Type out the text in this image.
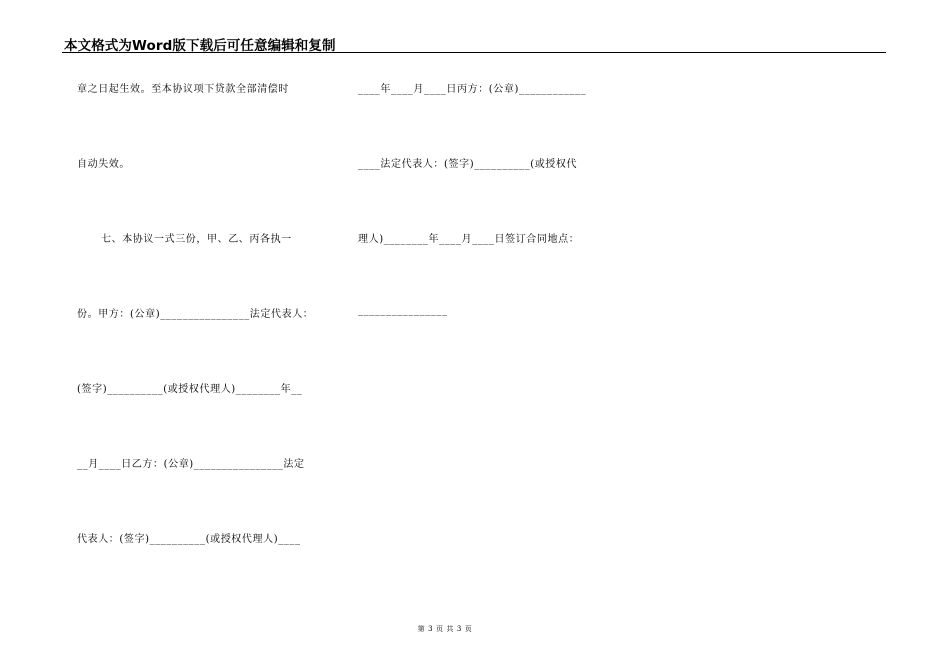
本文格式为Word版下载后可任意编辑和复制
章之日起生效。至本协议项下贷款全部清偿时
自动失效。
七、本协议一式三份，甲、乙、丙各执一
份。甲方：(公章)________________法定代表人：
(签字)__________(或授权代理人)________年__
__月____日乙方：(公章)________________法定
代表人：(签字)__________(或授权代理人)____
____年____月____日丙方：(公章)____________
____法定代表人：(签字)__________(或授权代
理人)________年____月____日签订合同地点：
________________
第 3 页 共 3 页
